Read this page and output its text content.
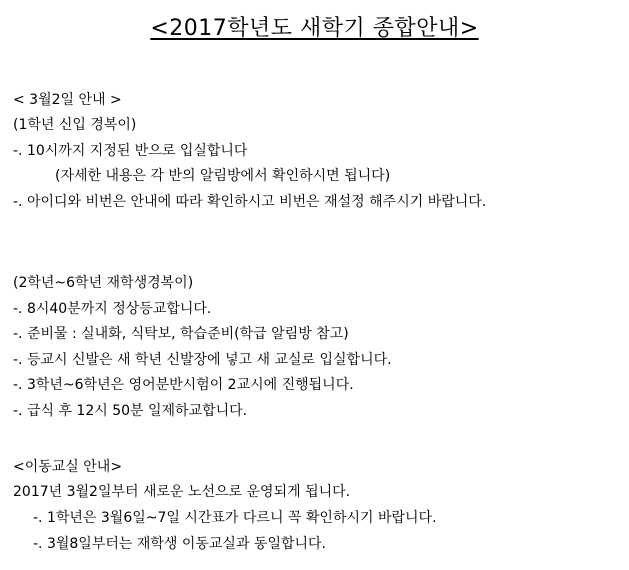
<2017학년도 새학기 종합안내>
< 3월2일 안내 >
(1학년 신입 경복이)
-. 10시까지 지정된 반으로 입실합니다
(자세한 내용은 각 반의 알림방에서 확인하시면 됩니다)
-. 아이디와 비번은 안내에 따라 확인하시고 비번은 재설정 해주시기 바랍니다.
(2학년~6학년 재학생경복이)
-. 8시40분까지 정상등교합니다.
-. 준비물 : 실내화, 식탁보, 학습준비(학급 알림방 참고)
-. 등교시 신발은 새 학년 신발장에 넣고 새 교실로 입실합니다.
-. 3학년~6학년은 영어분반시험이 2교시에 진행됩니다.
-. 급식 후 12시 50분 일제하교합니다.
<이동교실 안내>
2017년 3월2일부터 새로운 노선으로 운영되게 됩니다.
-. 1학년은 3월6일~7일 시간표가 다르니 꼭 확인하시기 바랍니다.
-. 3월8일부터는 재학생 이동교실과 동일합니다.
